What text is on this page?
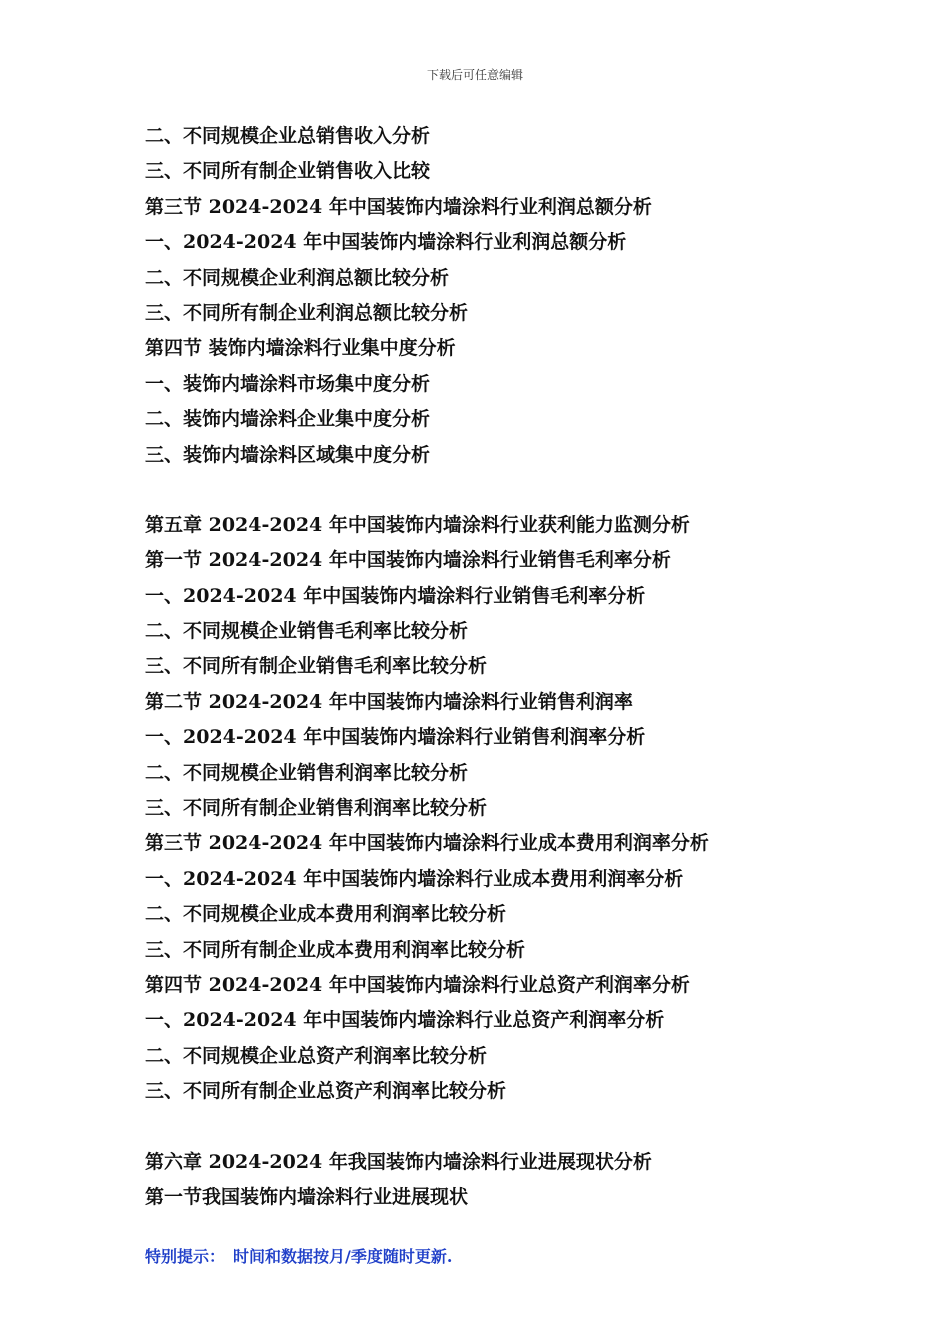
下载后可任意编辑
二、不同规模企业总销售收入分析
三、不同所有制企业销售收入比较
第三节 2024-2024 年中国装饰内墙涂料行业利润总额分析
一、2024-2024 年中国装饰内墙涂料行业利润总额分析
二、不同规模企业利润总额比较分析
三、不同所有制企业利润总额比较分析
第四节 装饰内墙涂料行业集中度分析
一、装饰内墙涂料市场集中度分析
二、装饰内墙涂料企业集中度分析
三、装饰内墙涂料区域集中度分析
第五章 2024-2024 年中国装饰内墙涂料行业获利能力监测分析
第一节 2024-2024 年中国装饰内墙涂料行业销售毛利率分析
一、2024-2024 年中国装饰内墙涂料行业销售毛利率分析
二、不同规模企业销售毛利率比较分析
三、不同所有制企业销售毛利率比较分析
第二节 2024-2024 年中国装饰内墙涂料行业销售利润率
一、2024-2024 年中国装饰内墙涂料行业销售利润率分析
二、不同规模企业销售利润率比较分析
三、不同所有制企业销售利润率比较分析
第三节 2024-2024 年中国装饰内墙涂料行业成本费用利润率分析
一、2024-2024 年中国装饰内墙涂料行业成本费用利润率分析
二、不同规模企业成本费用利润率比较分析
三、不同所有制企业成本费用利润率比较分析
第四节 2024-2024 年中国装饰内墙涂料行业总资产利润率分析
一、2024-2024 年中国装饰内墙涂料行业总资产利润率分析
二、不同规模企业总资产利润率比较分析
三、不同所有制企业总资产利润率比较分析
第六章 2024-2024 年我国装饰内墙涂料行业进展现状分析
第一节我国装饰内墙涂料行业进展现状
特别提示： 时间和数据按月/季度随时更新.
